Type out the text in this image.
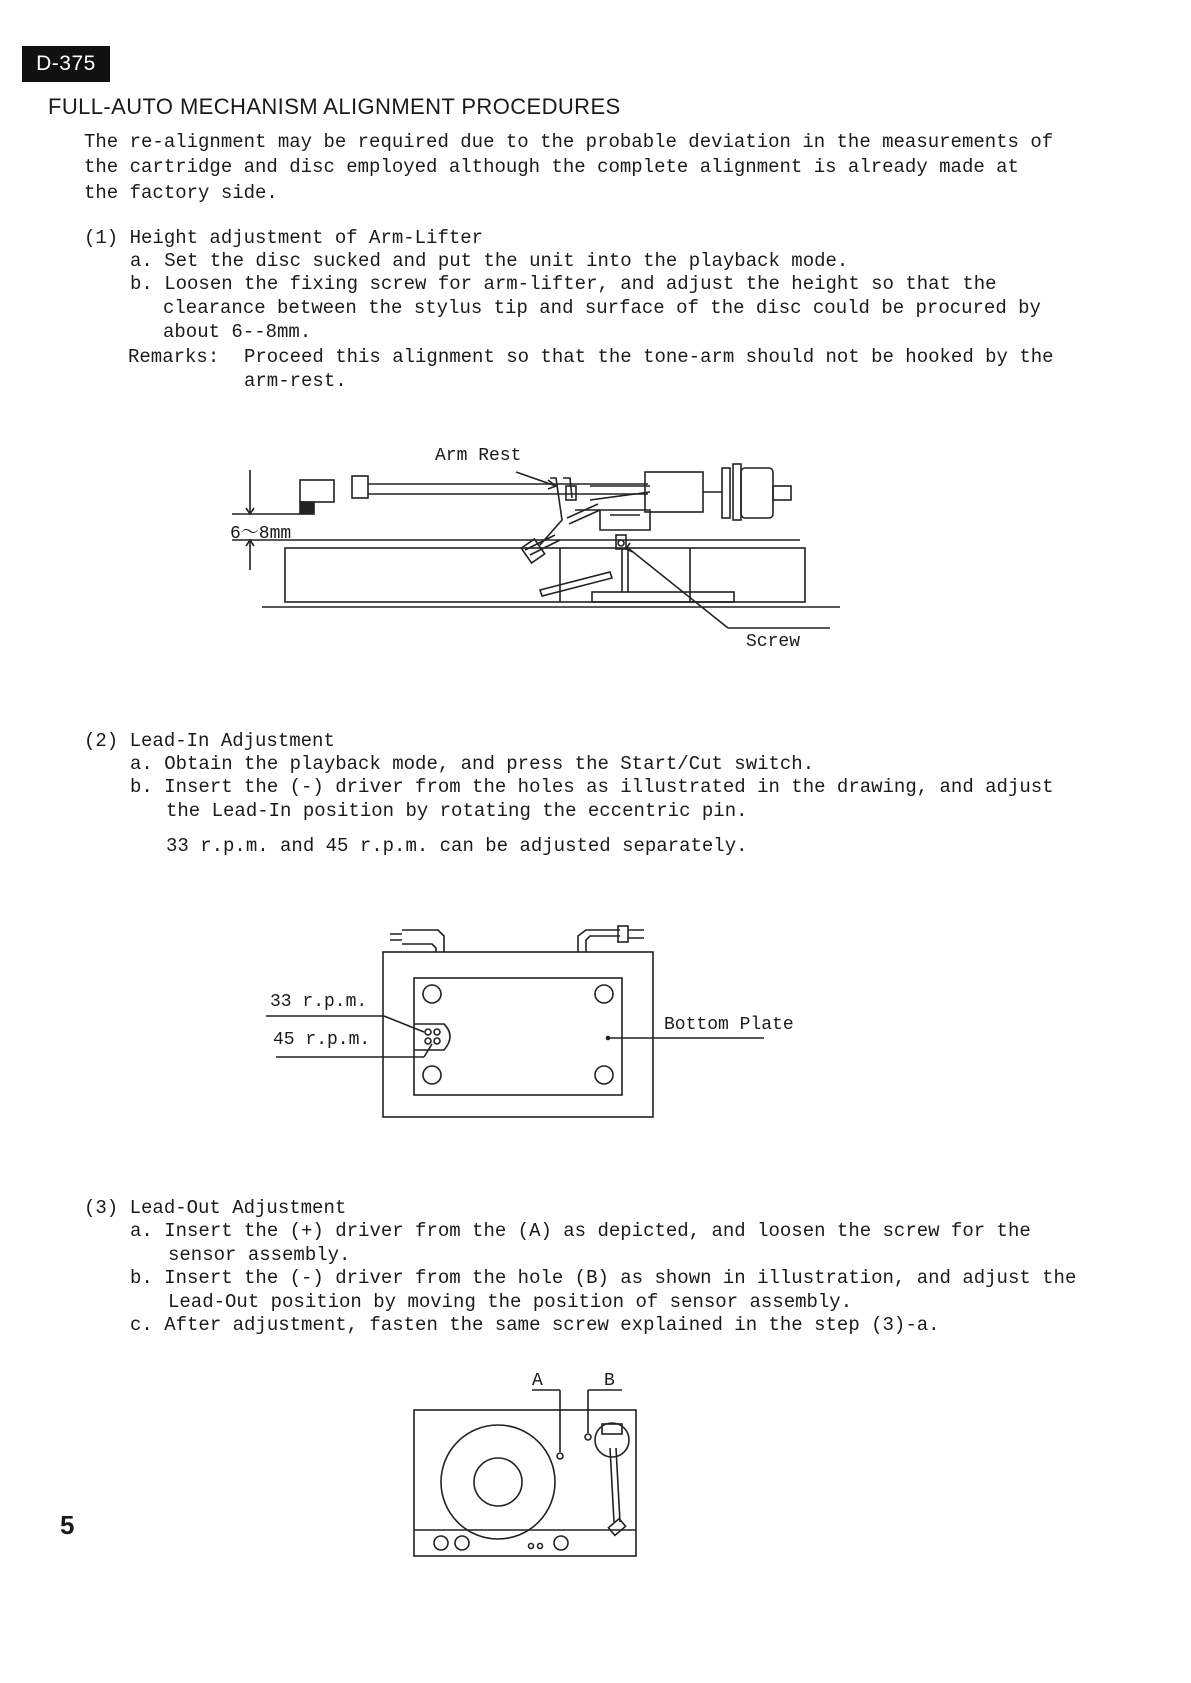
D-375
FULL-AUTO MECHANISM ALIGNMENT PROCEDURES
The re-alignment may be required due to the probable deviation in the measurements of
the cartridge and disc employed although the complete alignment is already made at
the factory side.
(1) Height adjustment of Arm-Lifter
a. Set the disc sucked and put the unit into the playback mode.
b. Loosen the fixing screw for arm-lifter, and adjust the height so that the
clearance between the stylus tip and surface of the disc could be procured by
about 6--8mm.
Remarks: Proceed this alignment so that the tone-arm should not be hooked by the
arm-rest.
Arm Rest
6～8mm
Screw
(2) Lead-In Adjustment
a. Obtain the playback mode, and press the Start/Cut switch.
b. Insert the (-) driver from the holes as illustrated in the drawing, and adjust
the Lead-In position by rotating the eccentric pin.
33 r.p.m. and 45 r.p.m. can be adjusted separately.
33 r.p.m.
45 r.p.m.
Bottom Plate
(3) Lead-Out Adjustment
a. Insert the (+) driver from the (A) as depicted, and loosen the screw for the
sensor assembly.
b. Insert the (-) driver from the hole (B) as shown in illustration, and adjust the
Lead-Out position by moving the position of sensor assembly.
c. After adjustment, fasten the same screw explained in the step (3)-a.
A	B
5
